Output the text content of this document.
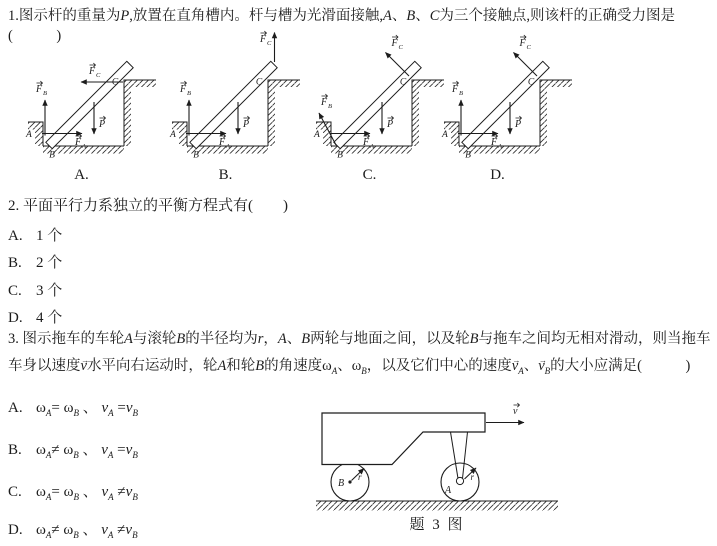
1.图示杆的重量为P,放置在直角槽内。杆与槽为光滑面接触,A、B、C为三个接触点,则该杆的正确受力图是(　　　)
P
F A
F B
F C
A
B
C
A.
P
F A
F B
F C
A
B
C
B.
P
F A
F B
F C
A
B
C
C.
P
F A
F B
F C
A
B
C
D.
2. 平面平行力系独立的平衡方程式有(　　)
A. 1 个
B. 2 个
C. 3 个
D. 4 个
3. 图示拖车的车轮A与滚轮B的半径均为r，A、B两轮与地面之间，以及轮B与拖车之间均无相对滑动，则当拖车车身以速度→ v水平向右运动时，轮A和轮B的角速度$\omega_A$、$\omega_B$，以及它们中心的速度→ $v_A$、→ $v_B$的大小应满足(　　　)
A. $\omega_A= \omega_B$ 、 $v_A =v_B$
B. $\omega_A\ne \omega_B$ 、 $v_A =v_B$
C. $\omega_A= \omega_B$ 、 $v_A \ne v_B$
D. $\omega_A\ne \omega_B$ 、 $v_A \ne v_B$
v
r	r
B
A
题 3 图
